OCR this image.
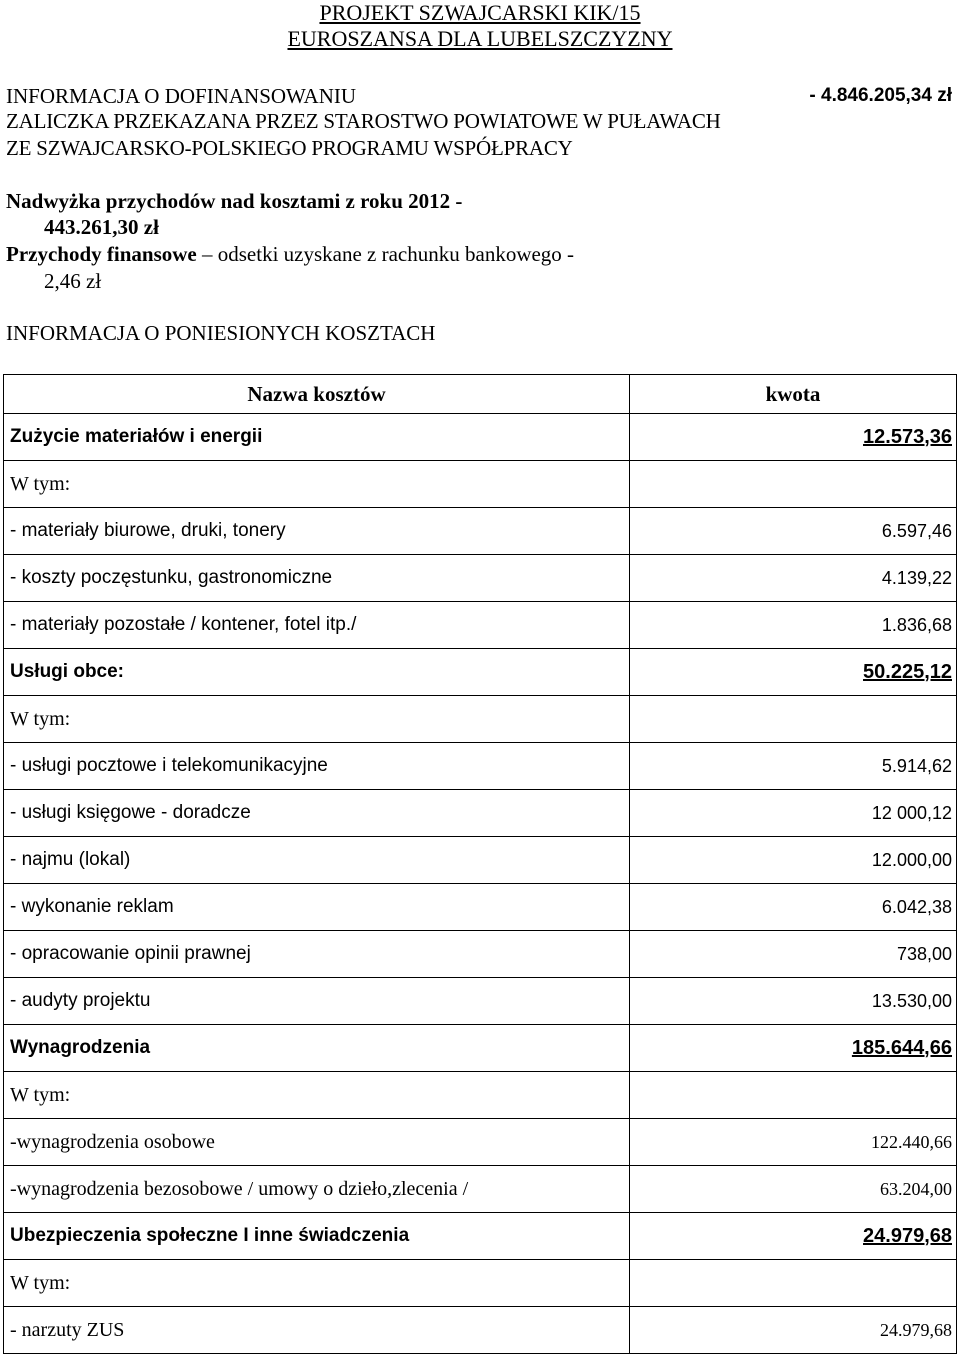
PROJEKT SZWAJCARSKI KIK/15
EUROSZANSA DLA LUBELSZCZYZNY
INFORMACJA O DOFINANSOWANIU	- 4.846.205,34 zł
ZALICZKA PRZEKAZANA PRZEZ STAROSTWO POWIATOWE W PUŁAWACH
ZE SZWAJCARSKO-POLSKIEGO PROGRAMU WSPÓŁPRACY
Nadwyżka przychodów nad kosztami z roku 2012 -
443.261,30 zł
Przychody finansowe – odsetki uzyskane z rachunku bankowego -
2,46 zł
INFORMACJA O PONIESIONYCH KOSZTACH
Nazwa kosztów	kwota
Zużycie materiałów i energii	12.573,36
W tym:	
- materiały biurowe, druki, tonery	6.597,46
- koszty poczęstunku, gastronomiczne	4.139,22
- materiały pozostałe / kontener, fotel itp./	1.836,68
Usługi obce:	50.225,12
W tym:	
- usługi pocztowe i telekomunikacyjne	5.914,62
- usługi księgowe - doradcze	12 000,12
- najmu (lokal)	12.000,00
- wykonanie reklam	6.042,38
- opracowanie opinii prawnej	738,00
- audyty projektu	13.530,00
Wynagrodzenia	185.644,66
W tym:	
-wynagrodzenia osobowe	122.440,66
-wynagrodzenia bezosobowe / umowy o dzieło,zlecenia /	63.204,00
Ubezpieczenia społeczne I inne świadczenia	24.979,68
W tym:	
- narzuty ZUS	24.979,68
